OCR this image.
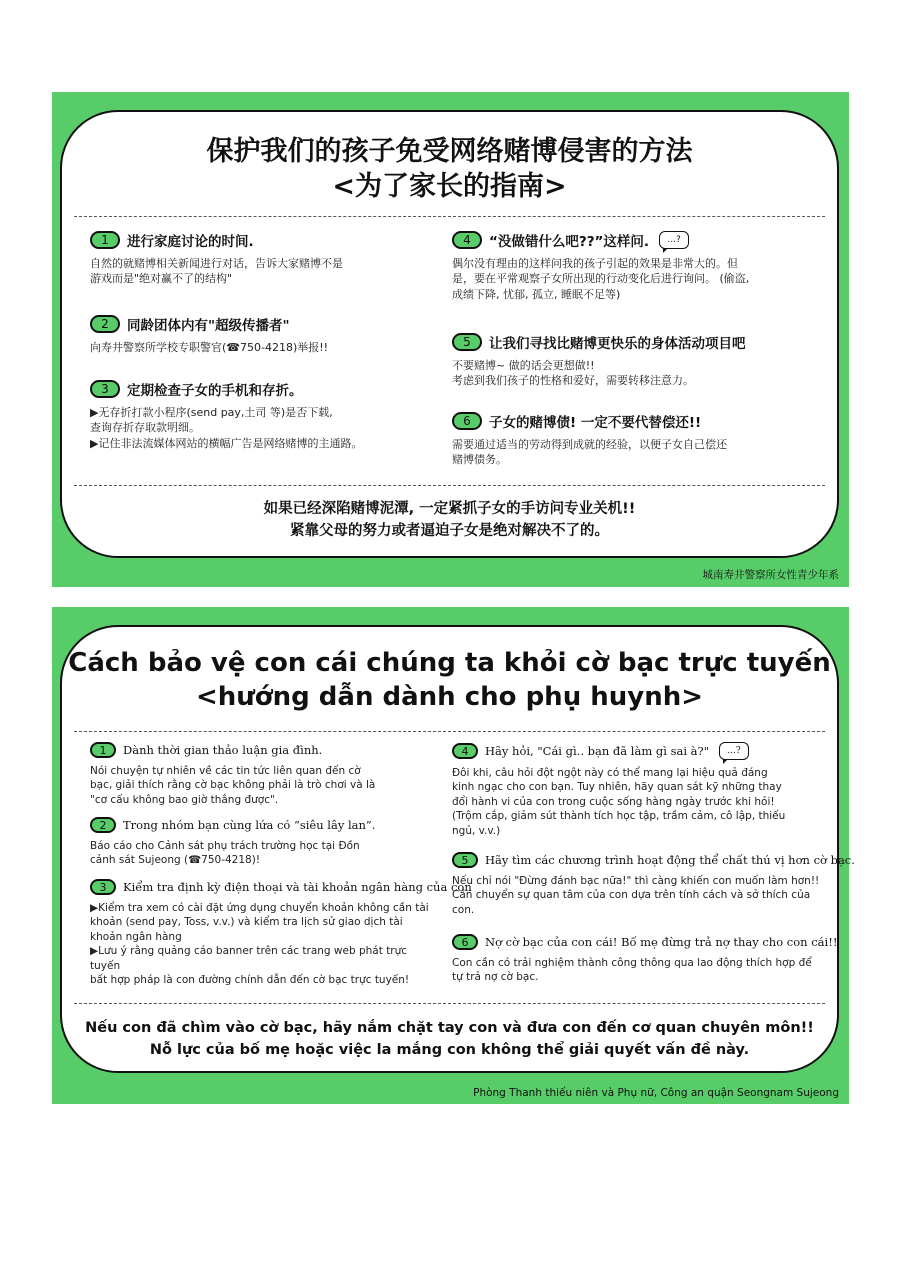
保护我们的孩子免受网络赌博侵害的方法
<为了家长的指南>
1	进行家庭讨论的时间.
自然的就赌博相关新闻进行对话，告诉大家赌博不是
游戏而是"绝对赢不了的结构"
2	同龄团体内有"超级传播者"
向寿井警察所学校专职警官(☎750-4218)举报!!
3	定期检查子女的手机和存折。
▶无存折打款小程序(send pay,土司 等)是否下载,
查询存折存取款明细。
▶记住非法流媒体网站的横幅广告是网络赌博的主通路。
4	“没做错什么吧??”这样问.	...?
偶尔没有理由的这样问我的孩子引起的效果是非常大的。但
是，要在平常观察子女所出现的行动变化后进行询问。 (偷盗,
成绩下降, 忧郁, 孤立, 睡眠不足等)
5	让我们寻找比赌博更快乐的身体活动项目吧
不要赌博~ 做的话会更想做!!
考虑到我们孩子的性格和爱好，需要转移注意力。
6	子女的赌博债! 一定不要代替偿还!!
需要通过适当的劳动得到成就的经验，以便子女自己偿还
赌博债务。
如果已经深陷赌博泥潭, 一定紧抓子女的手访问专业关机!!
紧靠父母的努力或者逼迫子女是绝对解决不了的。
城南寿井警察所女性青少年系
Cách bảo vệ con cái chúng ta khỏi cờ bạc trực tuyến
<hướng dẫn dành cho phụ huynh>
1	Dành thời gian thảo luận gia đình.
Nói chuyện tự nhiên về các tin tức liên quan đến cờ
bạc, giải thích rằng cờ bạc không phải là trò chơi và là
"cơ cấu không bao giờ thắng được".
2	Trong nhóm bạn cùng lứa có “siêu lây lan”.
Báo cáo cho Cảnh sát phụ trách trường học tại Đồn
cảnh sát Sujeong (☎750-4218)!
3	Kiểm tra định kỳ điện thoại và tài khoản ngân hàng của con
▶Kiểm tra xem có cài đặt ứng dụng chuyển khoản không cần tài
khoản (send pay, Toss, v.v.) và kiểm tra lịch sử giao dịch tài
khoản ngân hàng
▶Lưu ý rằng quảng cáo banner trên các trang web phát trực
tuyến
bất hợp pháp là con đường chính dẫn đến cờ bạc trực tuyến!
4	Hãy hỏi, "Cái gì.. bạn đã làm gì sai à?"	...?
Đôi khi, câu hỏi đột ngột này có thể mang lại hiệu quả đáng
kinh ngạc cho con bạn. Tuy nhiên, hãy quan sát kỹ những thay
đổi hành vi của con trong cuộc sống hàng ngày trước khi hỏi!
(Trộm cắp, giảm sút thành tích học tập, trầm cảm, cô lập, thiếu
ngủ, v.v.)
5	Hãy tìm các chương trình hoạt động thể chất thú vị hơn cờ bạc.
Nếu chỉ nói "Đừng đánh bạc nữa!" thì càng khiến con muốn làm hơn!!
Cần chuyển sự quan tâm của con dựa trên tính cách và sở thích của
con.
6	Nợ cờ bạc của con cái! Bố mẹ đừng trả nợ thay cho con cái!!
Con cần có trải nghiệm thành công thông qua lao động thích hợp để
tự trả nợ cờ bạc.
Nếu con đã chìm vào cờ bạc, hãy nắm chặt tay con và đưa con đến cơ quan chuyên môn!!
Nỗ lực của bố mẹ hoặc việc la mắng con không thể giải quyết vấn đề này.
Phòng Thanh thiếu niên và Phụ nữ, Công an quận Seongnam Sujeong
